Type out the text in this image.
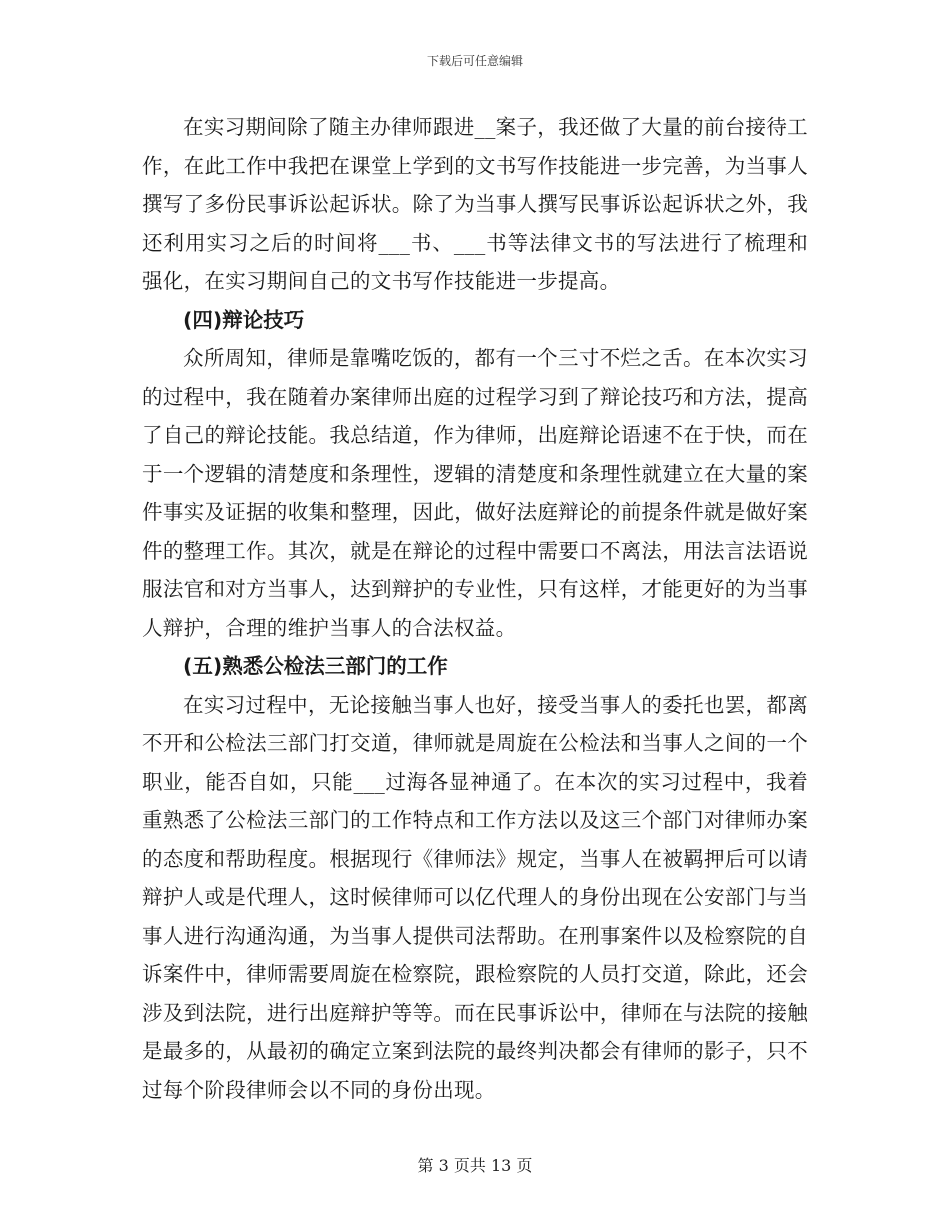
下载后可任意编辑

在实习期间除了随主办律师跟进__案子，我还做了大量的前台接待工作，在此工作中我把在课堂上学到的文书写作技能进一步完善，为当事人撰写了多份民事诉讼起诉状。除了为当事人撰写民事诉讼起诉状之外，我还利用实习之后的时间将___书、___书等法律文书的写法进行了梳理和强化，在实习期间自己的文书写作技能进一步提高。

(四)辩论技巧

众所周知，律师是靠嘴吃饭的，都有一个三寸不烂之舌。在本次实习的过程中，我在随着办案律师出庭的过程学习到了辩论技巧和方法，提高了自己的辩论技能。我总结道，作为律师，出庭辩论语速不在于快，而在于一个逻辑的清楚度和条理性，逻辑的清楚度和条理性就建立在大量的案件事实及证据的收集和整理，因此，做好法庭辩论的前提条件就是做好案件的整理工作。其次，就是在辩论的过程中需要口不离法，用法言法语说服法官和对方当事人，达到辩护的专业性，只有这样，才能更好的为当事人辩护，合理的维护当事人的合法权益。

(五)熟悉公检法三部门的工作

在实习过程中，无论接触当事人也好，接受当事人的委托也罢，都离不开和公检法三部门打交道，律师就是周旋在公检法和当事人之间的一个职业，能否自如，只能___过海各显神通了。在本次的实习过程中，我着重熟悉了公检法三部门的工作特点和工作方法以及这三个部门对律师办案的态度和帮助程度。根据现行《律师法》规定，当事人在被羁押后可以请辩护人或是代理人，这时候律师可以亿代理人的身份出现在公安部门与当事人进行沟通沟通，为当事人提供司法帮助。在刑事案件以及检察院的自诉案件中，律师需要周旋在检察院，跟检察院的人员打交道，除此，还会涉及到法院，进行出庭辩护等等。而在民事诉讼中，律师在与法院的接触是最多的，从最初的确定立案到法院的最终判决都会有律师的影子，只不过每个阶段律师会以不同的身份出现。

第 3 页共 13 页
